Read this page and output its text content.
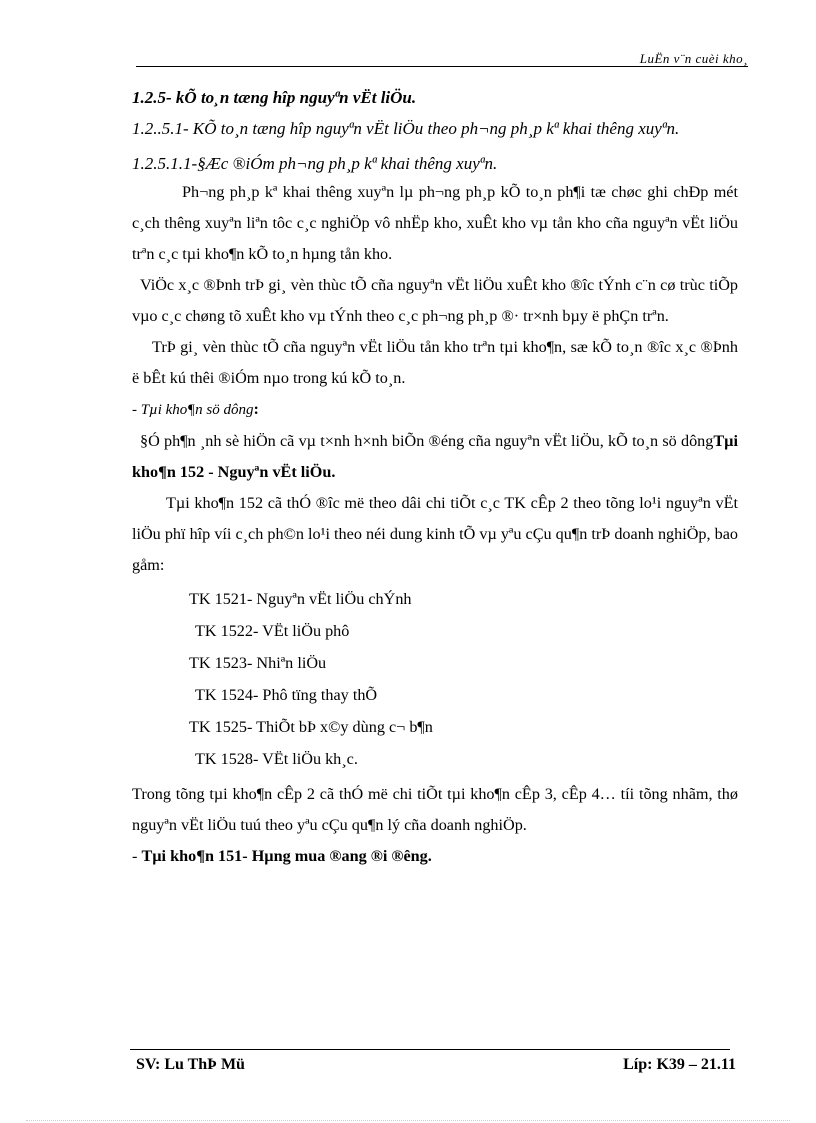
LuËn v¨n cuèi kho¸

1.2.5- kÕ to¸n tæng hîp nguyªn vËt liÖu.

1.2..5.1- KÕ to¸n tæng hîp nguyªn vËt liÖu theo ph¬ng ph¸p kª khai thêng xuyªn.

1.2.5.1.1-§Æc ®iÓm ph¬ng ph¸p kª khai thêng xuyªn.

Ph¬ng ph¸p kª khai thêng xuyªn lµ ph¬ng ph¸p kÕ to¸n ph¶i tæ chøc ghi chÐp mét c¸ch thêng xuyªn liªn tôc c¸c nghiÖp vô nhËp kho, xuÊt kho vµ tån kho cña nguyªn vËt liÖu trªn c¸c tµi kho¶n kÕ to¸n hµng tån kho.

ViÖc x¸c ®Þnh trÞ gi¸ vèn thùc tÕ cña nguyªn vËt liÖu xuÊt kho ®îc tÝnh c¨n cø trùc tiÕp vµo c¸c chøng tõ xuÊt kho vµ tÝnh theo c¸c ph¬ng ph¸p ®· tr×nh bµy ë phÇn trªn.

TrÞ gi¸ vèn thùc tÕ cña nguyªn vËt liÖu tån kho trªn tµi kho¶n, sæ kÕ to¸n ®îc x¸c ®Þnh ë bÊt kú thêi ®iÓm nµo trong kú kÕ to¸n.

- Tµi kho¶n sö dông:

§Ó ph¶n ¸nh sè hiÖn cã vµ t×nh h×nh biÕn ®éng cña nguyªn vËt liÖu, kÕ to¸n sö dôngTµi kho¶n 152 - Nguyªn vËt liÖu.

Tµi kho¶n 152 cã thÓ ®îc më theo dâi chi tiÕt c¸c TK cÊp 2 theo tõng lo¹i nguyªn vËt liÖu phï hîp víi c¸ch ph©n lo¹i theo néi dung kinh tÕ vµ yªu cÇu qu¶n trÞ doanh nghiÖp, bao gåm:

TK 1521- Nguyªn vËt liÖu chÝnh

TK 1522- VËt liÖu phô

TK 1523- Nhiªn liÖu

TK 1524- Phô tïng thay thÕ

TK 1525- ThiÕt bÞ x©y dùng c¬ b¶n

TK 1528- VËt liÖu kh¸c.

Trong tõng tµi kho¶n cÊp 2 cã thÓ më chi tiÕt tµi kho¶n cÊp 3, cÊp 4… tíi tõng nhãm, thø nguyªn vËt liÖu tuú theo yªu cÇu qu¶n lý cña doanh nghiÖp.

- Tµi kho¶n 151- Hµng mua ®ang ®i ®êng.

SV: Lu ThÞ Mü	Líp: K39 – 21.11
